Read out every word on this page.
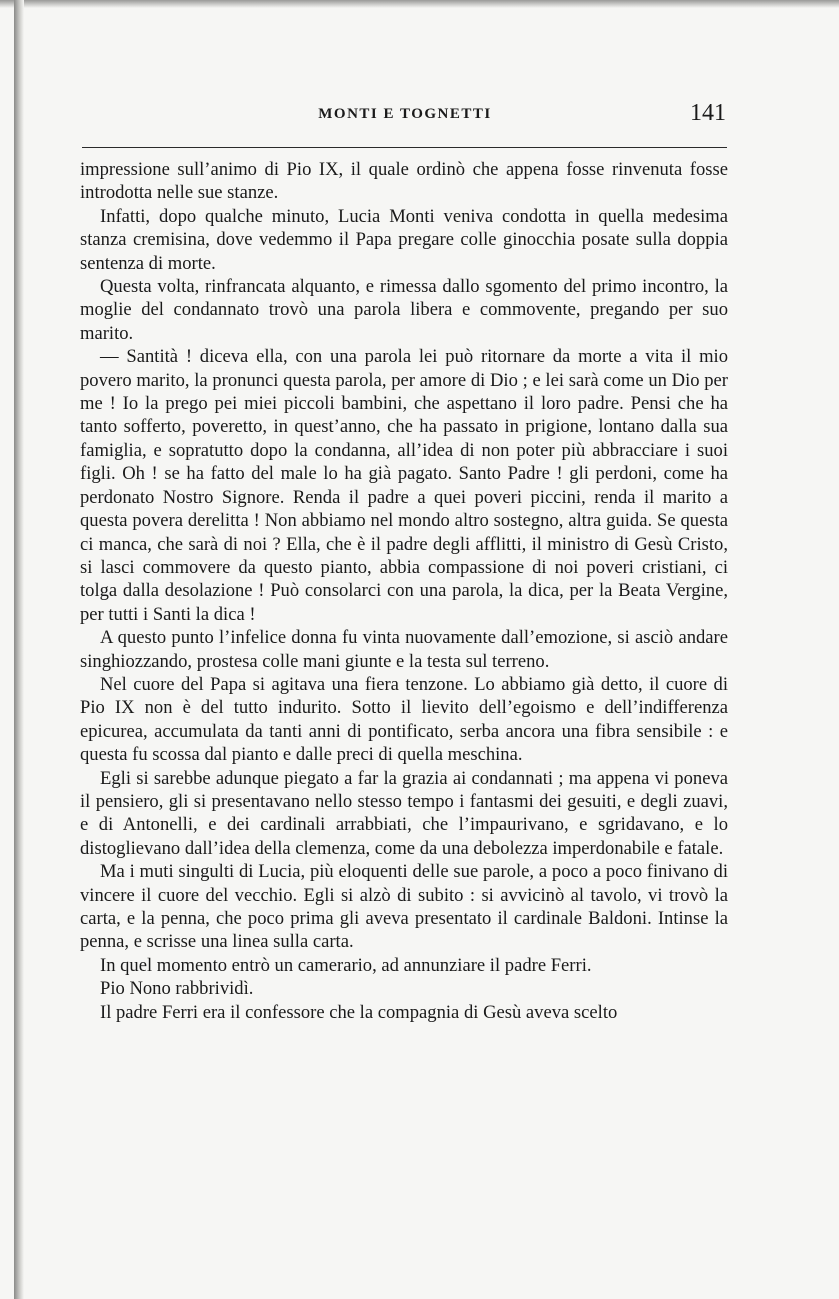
MONTI E TOGNETTI	141

impressione sull’animo di Pio IX, il quale ordinò che appena fosse rinvenuta fosse introdotta nelle sue stanze.

Infatti, dopo qualche minuto, Lucia Monti veniva condotta in quella medesima stanza cremisina, dove vedemmo il Papa pregare colle ginocchia posate sulla doppia sentenza di morte.

Questa volta, rinfrancata alquanto, e rimessa dallo sgomento del primo incontro, la moglie del condannato trovò una parola libera e commovente, pregando per suo marito.

— Santità ! diceva ella, con una parola lei può ritornare da morte a vita il mio povero marito, la pronunci questa parola, per amore di Dio ; e lei sarà come un Dio per me ! Io la prego pei miei piccoli bambini, che aspettano il loro padre. Pensi che ha tanto sofferto, poveretto, in quest’anno, che ha passato in prigione, lontano dalla sua famiglia, e sopratutto dopo la condanna, all’idea di non poter più abbracciare i suoi figli. Oh ! se ha fatto del male lo ha già pagato. Santo Padre ! gli perdoni, come ha perdonato Nostro Signore. Renda il padre a quei poveri piccini, renda il marito a questa povera derelitta ! Non abbiamo nel mondo altro sostegno, altra guida. Se questa ci manca, che sarà di noi ? Ella, che è il padre degli afflitti, il ministro di Gesù Cristo, si lasci commovere da questo pianto, abbia compassione di noi poveri cristiani, ci tolga dalla desolazione ! Può consolarci con una parola, la dica, per la Beata Vergine, per tutti i Santi la dica !

A questo punto l’infelice donna fu vinta nuovamente dall’emozione, si asciò andare singhiozzando, prostesa colle mani giunte e la testa sul terreno.

Nel cuore del Papa si agitava una fiera tenzone. Lo abbiamo già detto, il cuore di Pio IX non è del tutto indurito. Sotto il lievito dell’egoismo e dell’indifferenza epicurea, accumulata da tanti anni di pontificato, serba ancora una fibra sensibile : e questa fu scossa dal pianto e dalle preci di quella meschina.

Egli si sarebbe adunque piegato a far la grazia ai condannati ; ma appena vi poneva il pensiero, gli si presentavano nello stesso tempo i fantasmi dei gesuiti, e degli zuavi, e di Antonelli, e dei cardinali arrabbiati, che l’impaurivano, e sgridavano, e lo distoglievano dall’idea della clemenza, come da una debolezza imperdonabile e fatale.

Ma i muti singulti di Lucia, più eloquenti delle sue parole, a poco a poco finivano di vincere il cuore del vecchio. Egli si alzò di subito : si avvicinò al tavolo, vi trovò la carta, e la penna, che poco prima gli aveva presentato il cardinale Baldoni. Intinse la penna, e scrisse una linea sulla carta.

In quel momento entrò un camerario, ad annunziare il padre Ferri.

Pio Nono rabbrividì.

Il padre Ferri era il confessore che la compagnia di Gesù aveva scelto
